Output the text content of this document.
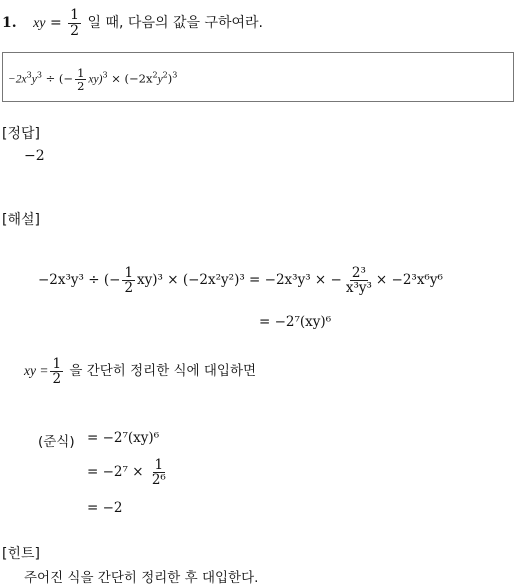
1. xy = $\frac{1}{2}$ 일 때, 다음의 값을 구하여라.
$-2x^3y^3$ ÷ (− $\frac{1}{2} xy)^3 \times (-2x^2y^2)^3$
[정답]
−2
[해설]
−2x³y³ ÷ (− $\frac{1}{2} xy)^3 \times (-2x^2y^2)^3 = -2x^3y^3$ × − $\frac{\text{2³}}{\text{x³y³}} \times -2^3x^6y^6$
= −2⁷(xy)⁶
xy = $\frac{1}{2}$ 을 간단히 정리한 식에 대입하면
(준식) = −2⁷(xy)⁶
= $-2^7 \times \frac{1}{\text{2⁶}}$
= −2
[힌트]
주어진 식을 간단히 정리한 후 대입한다.
